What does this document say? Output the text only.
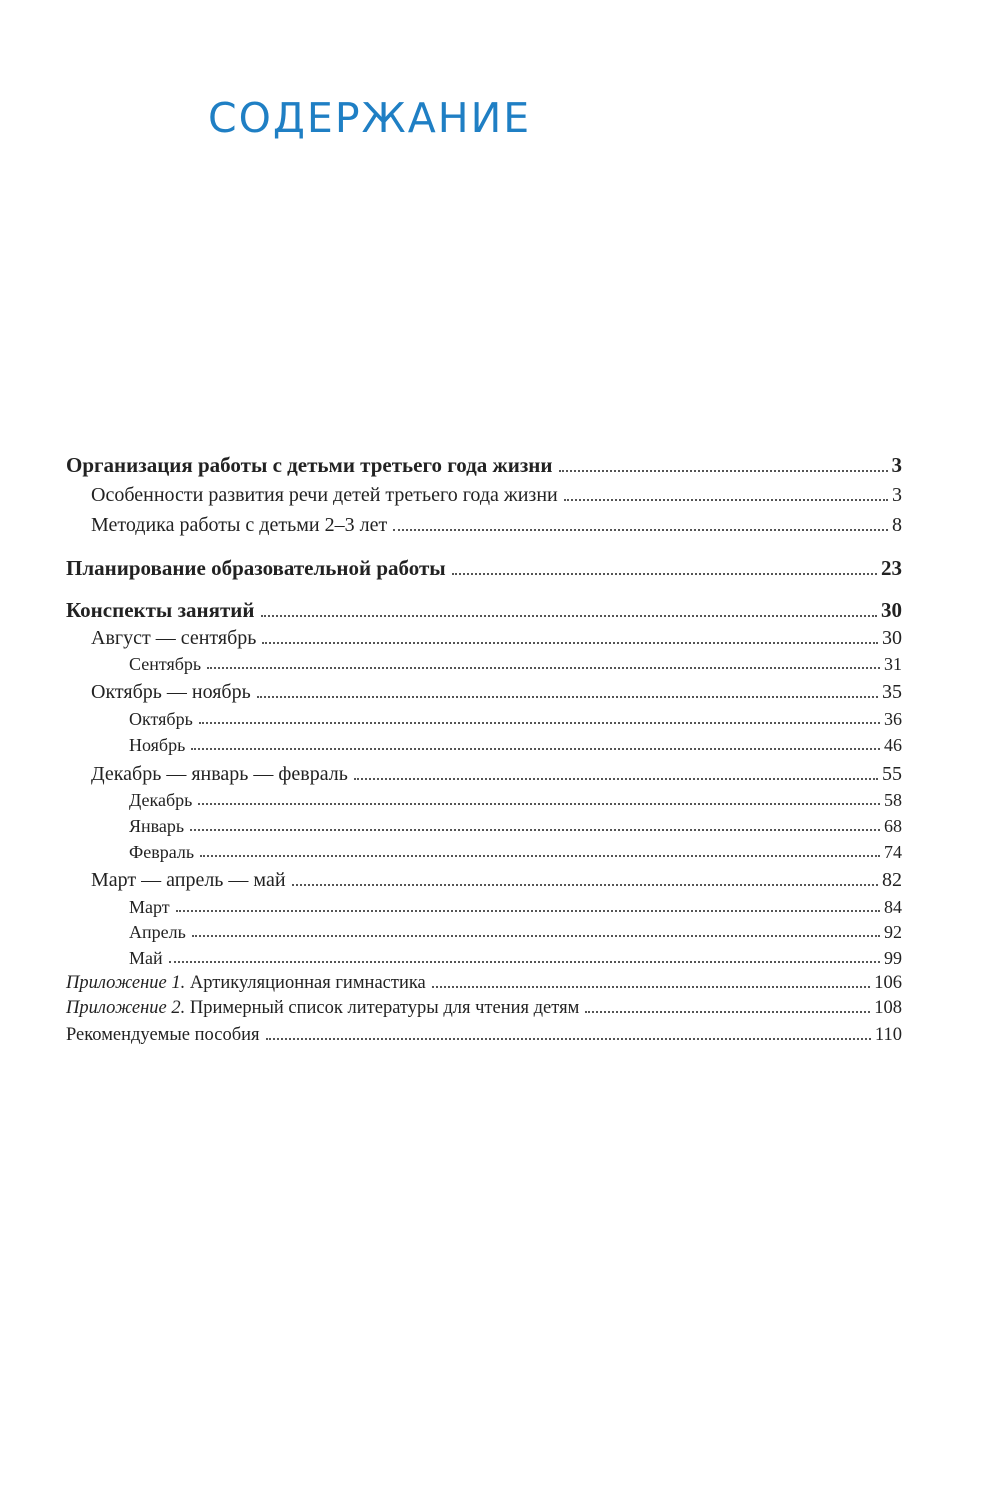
СОДЕРЖАНИЕ
Организация работы с детьми третьего года жизни	3
Особенности развития речи детей третьего года жизни	3
Методика работы с детьми 2–3 лет	8
Планирование образовательной работы	23
Конспекты занятий	30
Август — сентябрь	30
Сентябрь	31
Октябрь — ноябрь	35
Октябрь	36
Ноябрь	46
Декабрь — январь — февраль	55
Декабрь	58
Январь	68
Февраль	74
Март — апрель — май	82
Март	84
Апрель	92
Май	99
Приложение 1. Артикуляционная гимнастика	106
Приложение 2. Примерный список литературы для чтения детям	108
Рекомендуемые пособия	110
